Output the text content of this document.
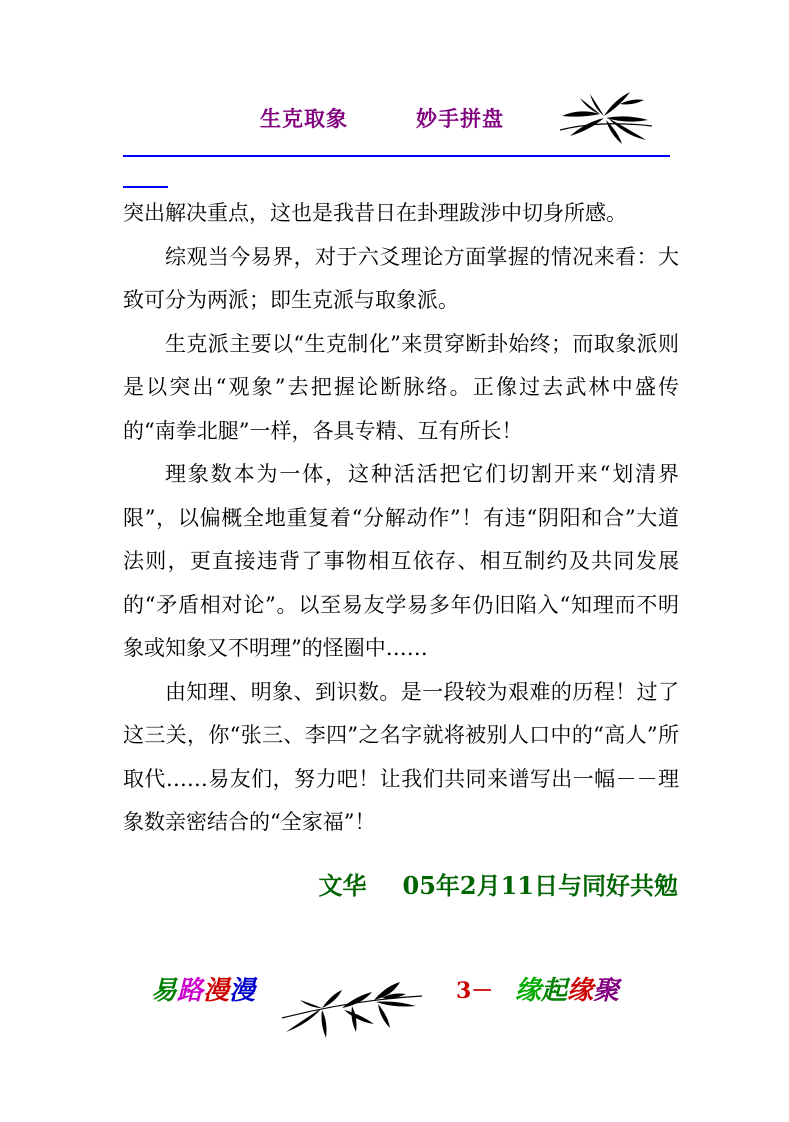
生克取象	妙手拼盘

突出解决重点，这也是我昔日在卦理跋涉中切身所感。

综观当今易界，对于六爻理论方面掌握的情况来看：大致可分为两派；即生克派与取象派。

生克派主要以“生克制化”来贯穿断卦始终；而取象派则是以突出“观象”去把握论断脉络。正像过去武林中盛传的“南拳北腿”一样，各具专精、互有所长！

理象数本为一体，这种活活把它们切割开来“划清界限”，以偏概全地重复着“分解动作”！有违“阴阳和合”大道法则，更直接违背了事物相互依存、相互制约及共同发展的“矛盾相对论”。以至易友学易多年仍旧陷入“知理而不明象或知象又不明理”的怪圈中……

由知理、明象、到识数。是一段较为艰难的历程！过了这三关，你“张三、李四”之名字就将被别人口中的“高人”所取代……易友们，努力吧！让我们共同来谱写出一幅－－理象数亲密结合的“全家福”！

文华 05年2月11日与同好共勉
易路漫漫	3－ 缘起缘聚
